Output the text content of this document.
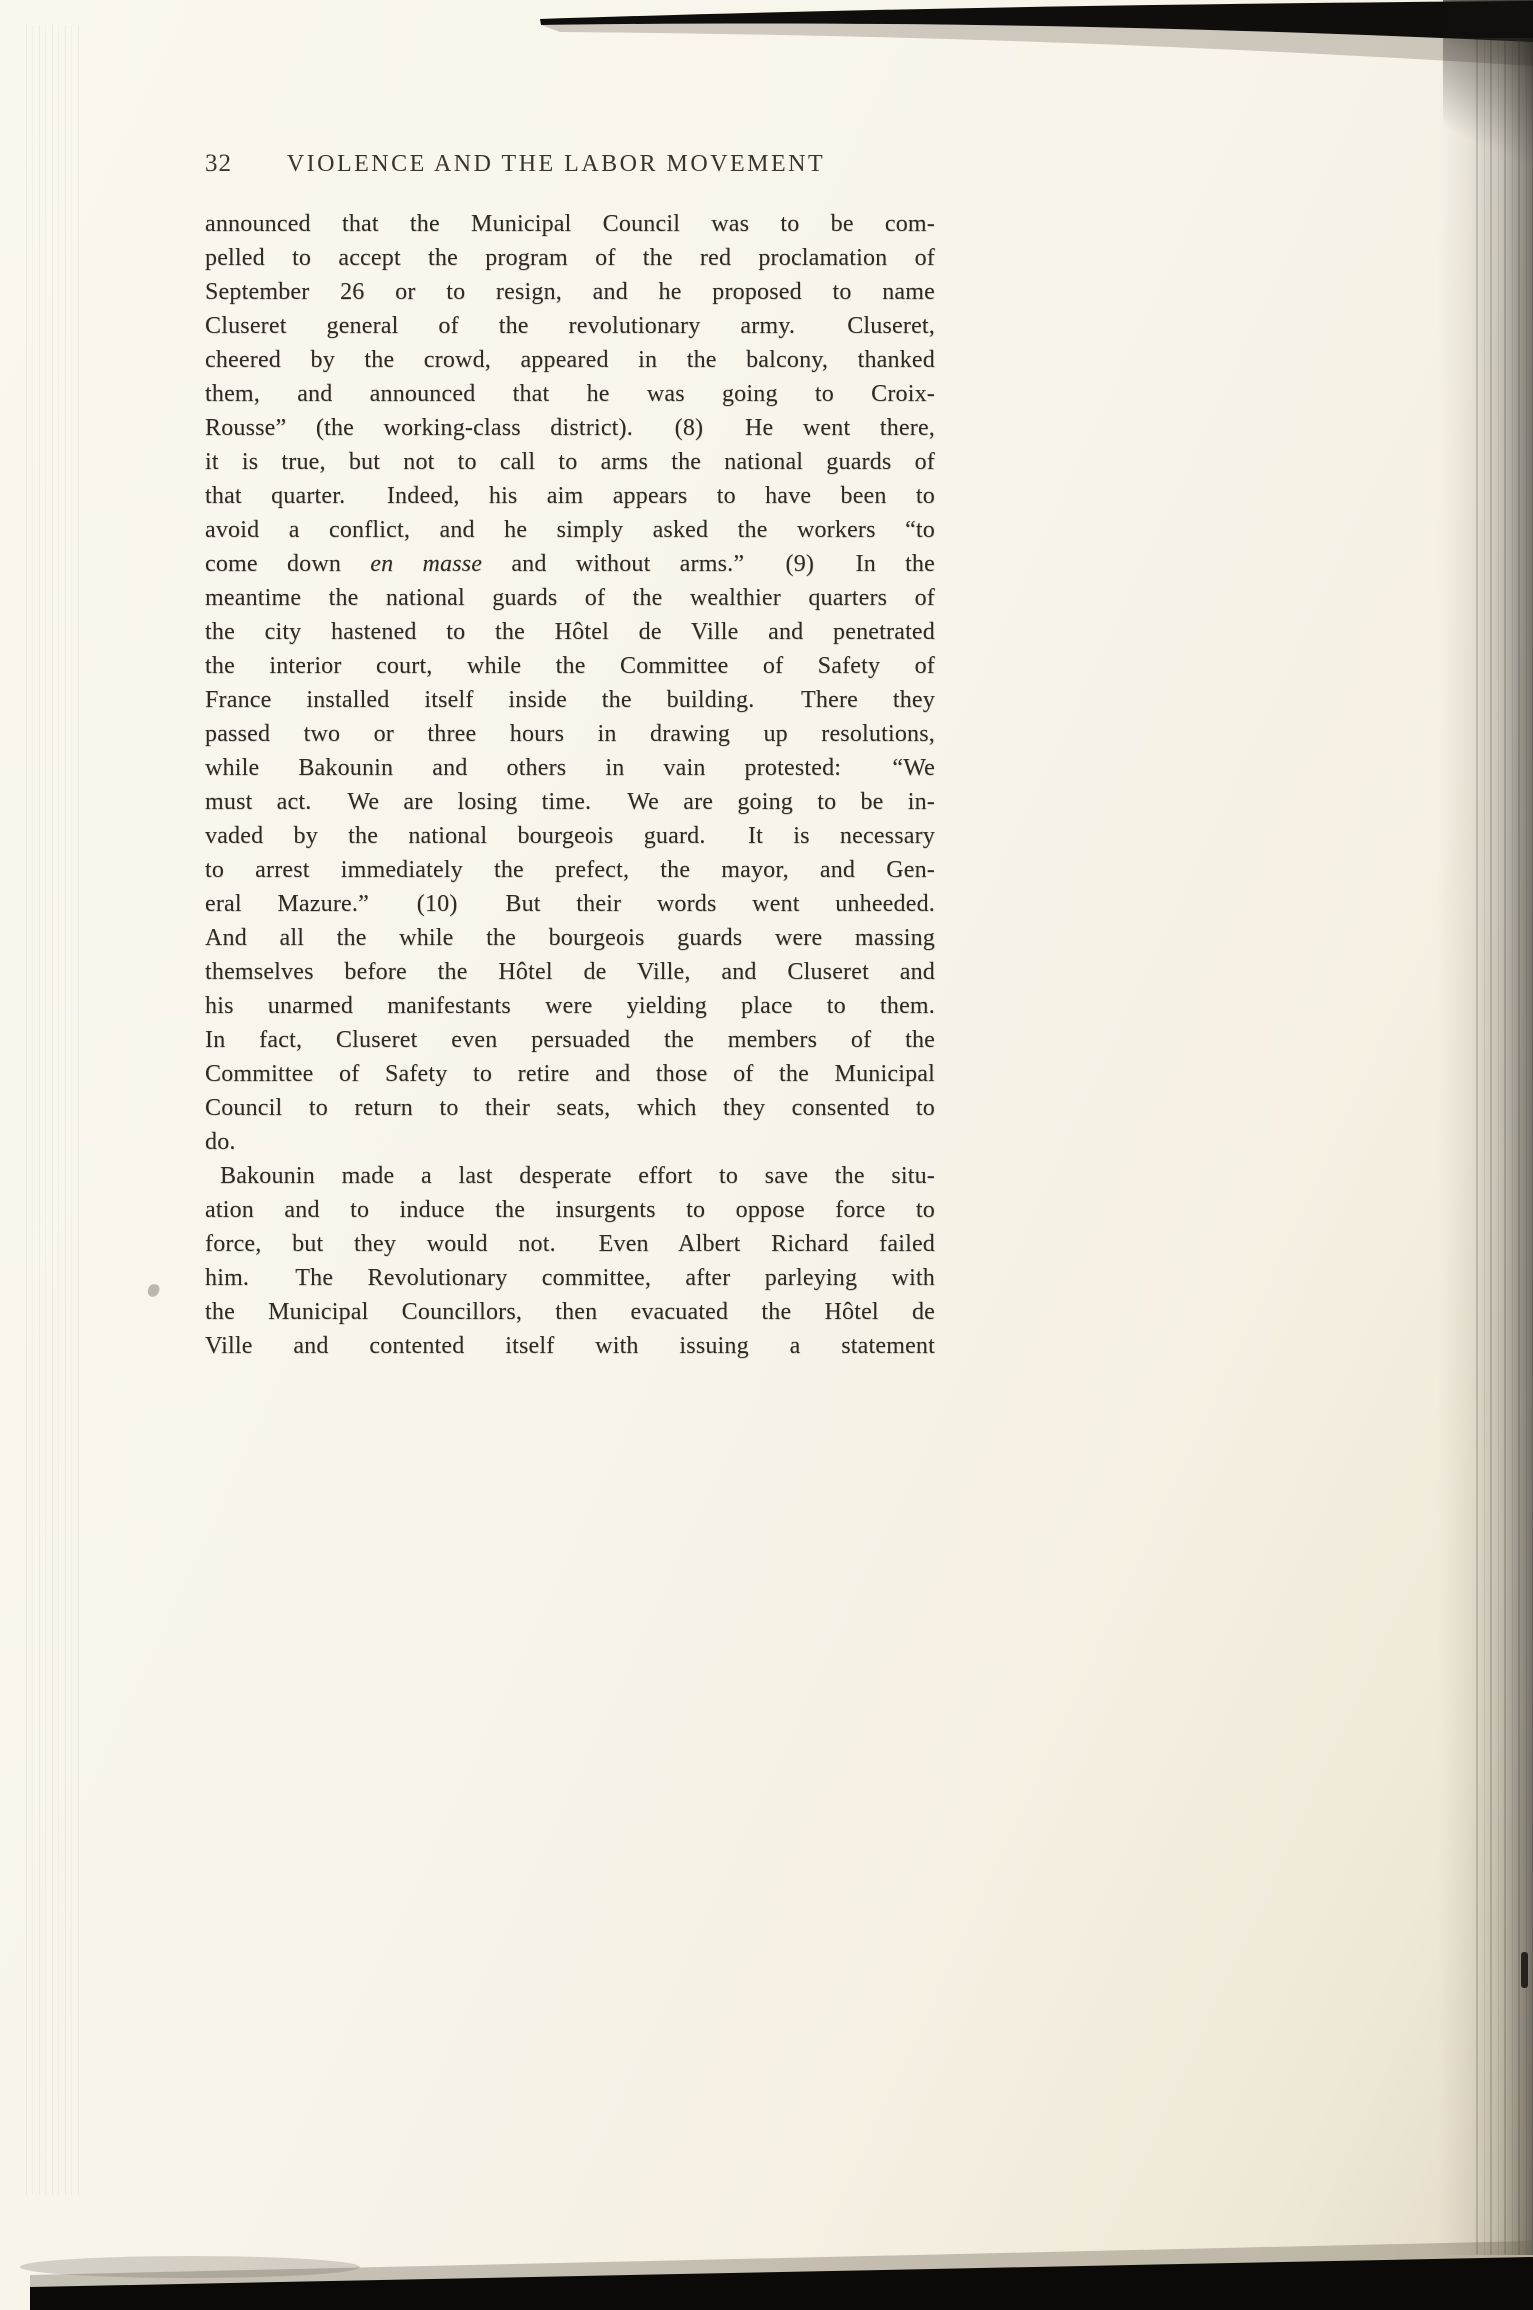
32	VIOLENCE AND THE LABOR MOVEMENT
announced that the Municipal Council was to be com-
pelled to accept the program of the red proclamation of
September 26 or to resign, and he proposed to name
Cluseret general of the revolutionary army.  Cluseret,
cheered by the crowd, appeared in the balcony, thanked
them, and announced that he was going to Croix-
Rousse” (the working-class district).  (8)  He went there,
it is true, but not to call to arms the national guards of
that quarter.  Indeed, his aim appears to have been to
avoid a conflict, and he simply asked the workers “to
come down en masse and without arms.”  (9)  In the
meantime the national guards of the wealthier quarters of
the city hastened to the Hôtel de Ville and penetrated
the interior court, while the Committee of Safety of
France installed itself inside the building.  There they
passed two or three hours in drawing up resolutions,
while Bakounin and others in vain protested:  “We
must act.  We are losing time.  We are going to be in-
vaded by the national bourgeois guard.  It is necessary
to arrest immediately the prefect, the mayor, and Gen-
eral Mazure.”  (10)  But their words went unheeded.
And all the while the bourgeois guards were massing
themselves before the Hôtel de Ville, and Cluseret and
his unarmed manifestants were yielding place to them.
In fact, Cluseret even persuaded the members of the
Committee of Safety to retire and those of the Municipal
Council to return to their seats, which they consented to
do.
Bakounin made a last desperate effort to save the situ-
ation and to induce the insurgents to oppose force to
force, but they would not.  Even Albert Richard failed
him.  The Revolutionary committee, after parleying with
the Municipal Councillors, then evacuated the Hôtel de
Ville and contented itself with issuing a statement
